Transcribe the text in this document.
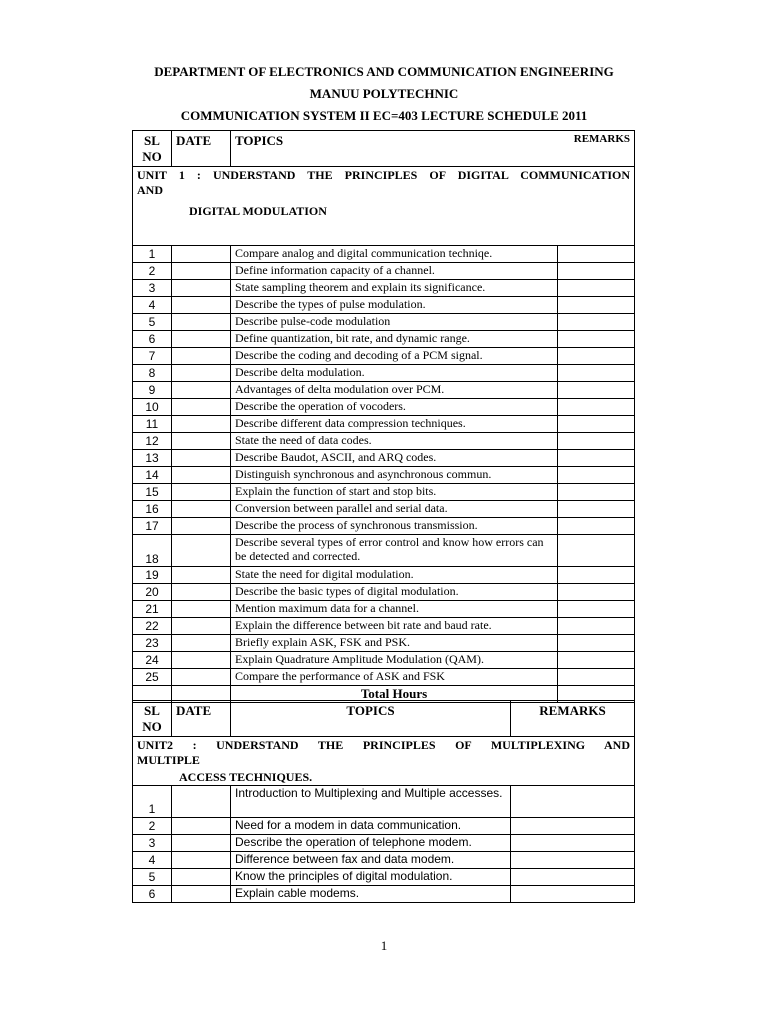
DEPARTMENT OF ELECTRONICS AND COMMUNICATION ENGINEERING
MANUU POLYTECHNIC
COMMUNICATION SYSTEM II EC=403 LECTURE SCHEDULE 2011
SL
NO	DATE	TOPICS	REMARKS

UNIT 1 : UNDERSTAND THE PRINCIPLES OF DIGITAL COMMUNICATION
AND
DIGITAL MODULATION			

1		Compare analog and digital communication techniqe.	
2		Define information capacity of a channel.	
3		State sampling theorem and explain its significance.	
4		Describe the types of pulse modulation.	
5		Describe pulse-code modulation	
6		Define quantization, bit rate, and dynamic range.	
7		Describe the coding and decoding of a PCM signal.	
8		Describe delta modulation.	
9		Advantages of delta modulation over PCM.	
10		Describe the operation of vocoders.	
11		Describe different data compression techniques.	
12		State the need of data codes.	
13		Describe Baudot, ASCII, and ARQ codes.	
14		Distinguish synchronous and asynchronous commun.	
15		Explain the function of start and stop bits.	
16		Conversion between parallel and serial data.	
17		Describe the process of synchronous transmission.	
18		Describe several types of error control and know how errors can be detected and corrected.	
19		State the need for digital modulation.	
20		Describe the basic types of digital modulation.	
21		Mention maximum data for a channel.	
22		Explain the difference between bit rate and baud rate.	
23		Briefly explain ASK, FSK and PSK.	
24		Explain Quadrature Amplitude Modulation (QAM).	
25		Compare the performance of ASK and FSK	
		Total Hours	
SL
NO	DATE	TOPICS	REMARKS

UNIT2 : UNDERSTAND THE PRINCIPLES OF MULTIPLEXING AND
MULTIPLE
ACCESS TECHNIQUES.			

1		Introduction to Multiplexing and Multiple accesses.	
2		Need for a modem in data communication.	
3		Describe the operation of telephone modem.	
4		Difference between fax and data modem.	
5		Know the principles of digital modulation.	
6		Explain cable modems.	
1
